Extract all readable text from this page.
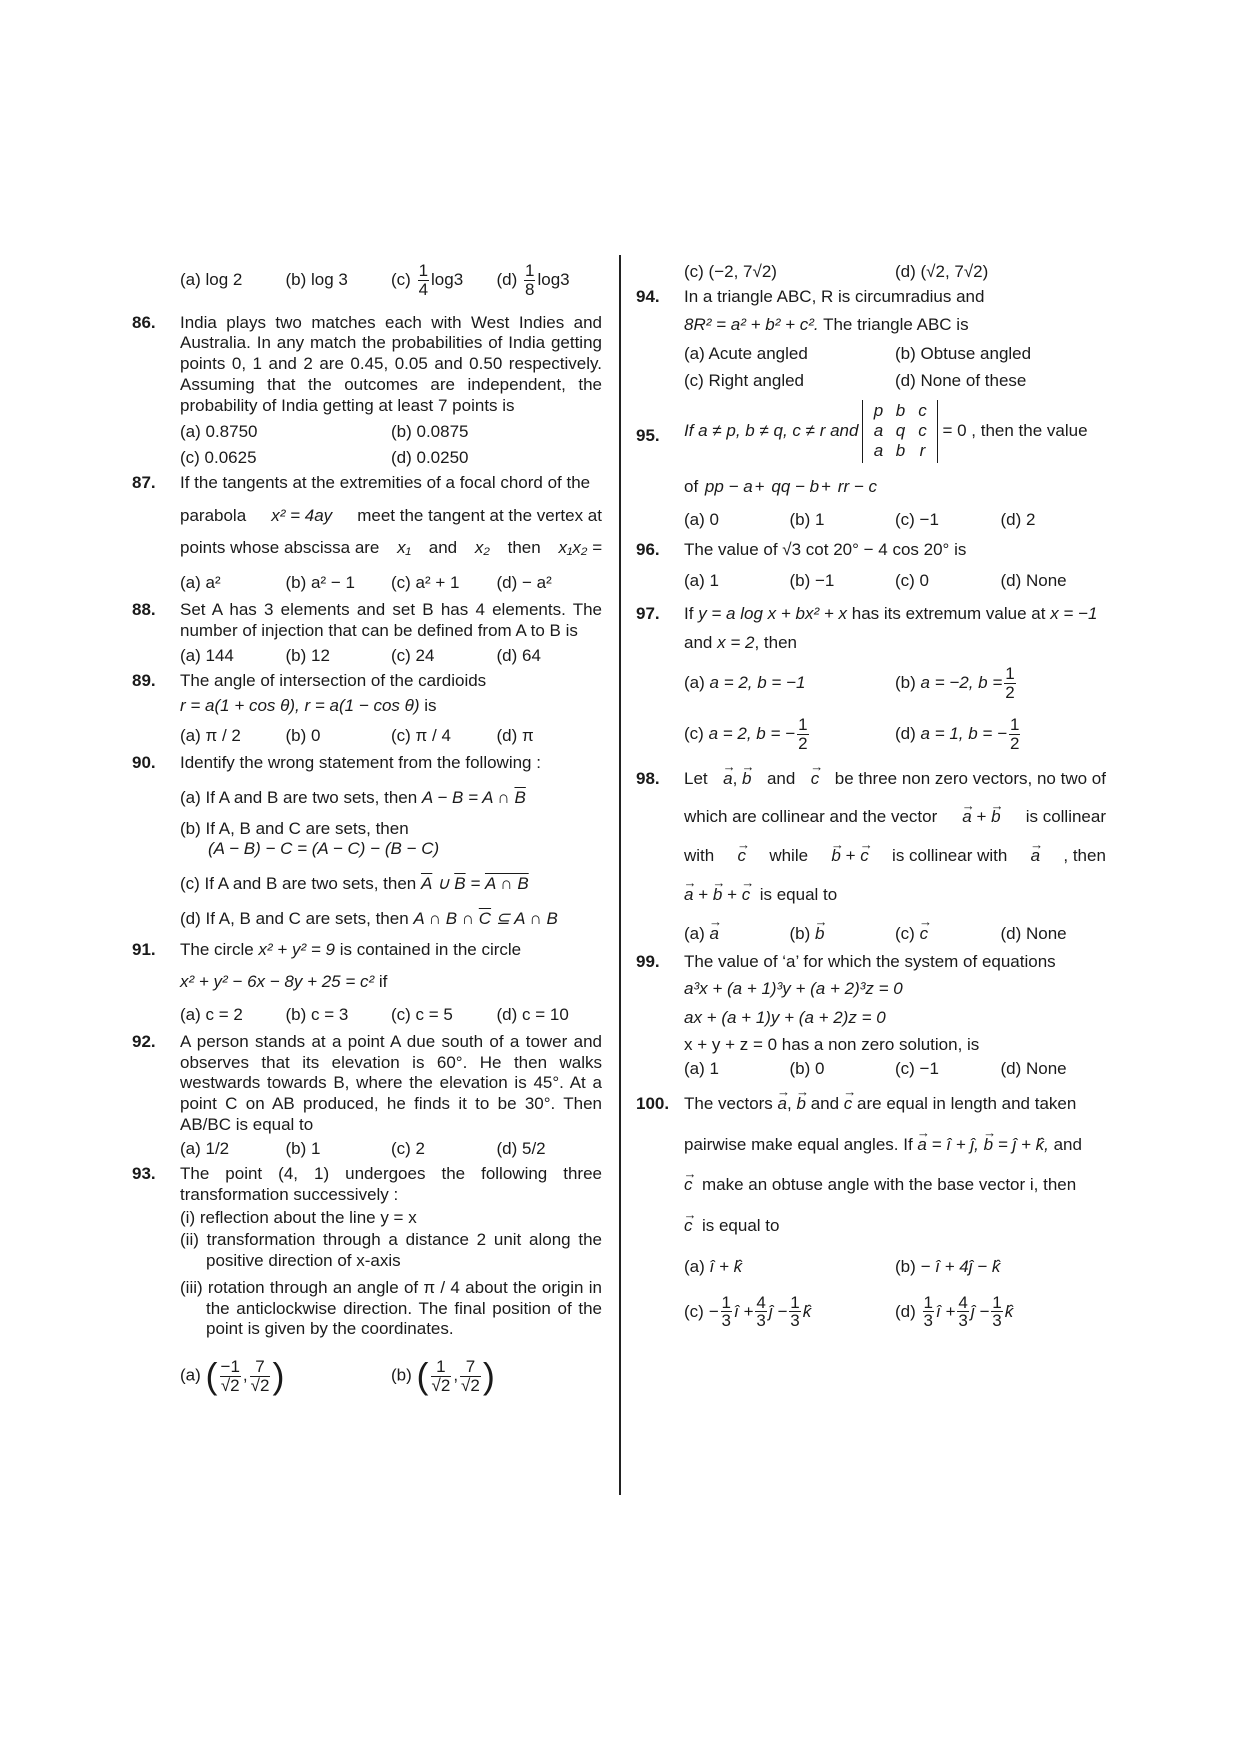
(a) log 2	(b) log 3	$(c) \frac{1}{4} \log 3$	$(d) \frac{1}{8} \log 3$
86. India plays two matches each with West Indies and Australia. In any match the probabilities of India getting points 0, 1 and 2 are 0.45, 0.05 and 0.50 respectively. Assuming that the outcomes are independent, the probability of India getting at least 7 points is
(a) 0.8750	(b) 0.0875
(c) 0.0625	(d) 0.0250
87. If the tangents at the extremities of a focal chord of the
parabola x² = 4ay meet the tangent at the vertex at
points whose abscissa are x₁ and x₂ then x₁x₂ =
(a) a²	(b) a² − 1	(c) a² + 1	(d) − a²
88. Set A has 3 elements and set B has 4 elements. The number of injection that can be defined from A to B is
(a) 144	(b) 12	(c) 24	(d) 64
89. The angle of intersection of the cardioids
r = a(1 + cos θ), r = a(1 − cos θ) is
(a) π / 2	(b) 0	(c) π / 4	(d) π
90. Identify the wrong statement from the following :
(a) If A and B are two sets, then A − B = A ∩ $\overline{B}$
(b) If A, B and C are sets, then
(A − B) − C = (A − C) − (B − C)
(c) If A and B are two sets, then $\overline{A}$ ∪ $\overline{B} = A$ ∩ B
(d) If A, B and C are sets, then A ∩ B ∩ $\overline{C}$ ⊆ A ∩ B
91. The circle x² + y² = 9 is contained in the circle
x² + y² − 6x − 8y + 25 = c² if
(a) c = 2	(b) c = 3	(c) c = 5	(d) c = 10
92. A person stands at a point A due south of a tower and observes that its elevation is 60°. He then walks westwards towards B, where the elevation is 45°. At a point C on AB produced, he finds it to be 30°. Then AB/BC is equal to
(a) 1/2	(b) 1	(c) 2	(d) 5/2
93. The point (4, 1) undergoes the following three transformation successively :
(i) reflection about the line y = x
(ii) transformation through a distance 2 unit along the positive direction of x-axis
(iii) rotation through an angle of π / 4 about the origin in the anticlockwise direction. The final position of the point is given by the coordinates.
(a) ( $\frac{-1}{√2}$ , $\frac{7}{√2}$ )	(b) ( $\frac{1}{√2}$ , $\frac{7}{√2}$ )
(c) (−2, 7√2)	(d) (√2, 7√2)
94. In a triangle ABC, R is circumradius and
8R² = a² + b² + c². The triangle ABC is
(a) Acute angled	(b) Obtuse angled
(c) Right angled	(d) None of these
95. If a ≠ p, b ≠ q, c ≠ r and
p b c
a q c
a b r
= 0 , then the value
of pp − a + qq − b + rr − c
(a) 0	(b) 1	(c) −1	(d) 2
96. The value of √3 cot 20° − 4 cos 20° is
(a) 1	(b) −1	(c) 0	(d) None
97. If y = a log x + bx² + x has its extremum value at x = −1
and x = 2, then
(a) a = 2, b = −1	(b) a = −2, $b = \frac{1}{2}$
(c) a = 2, b = − $\frac{1}{2}$	(d) a = 1, b = − $\frac{1}{2}$
98. Let → a, → b and → c be three non zero vectors, no two of
which are collinear and the vector → a + → b is collinear
with → c while → b + → c is collinear with → a , then
→ a + → b + → c is equal to
(a) → a	(b) → b	(c) → c	(d) None
99. The value of ‘a’ for which the system of equations
a³x + (a + 1)³y + (a + 2)³z = 0
ax + (a + 1)y + (a + 2)z = 0
x + y + z = 0 has a non zero solution, is
(a) 1	(b) 0	(c) −1	(d) None
100. The vectors → a, → b and → c are equal in length and taken
pairwise make equal angles. If → a = î + ĵ, → b = ĵ + k̂, and
→ c make an obtuse angle with the base vector i, then
→ c is equal to
(a) î + k̂	(b) − î + 4ĵ − k̂
$(c) - \frac{1}{3}$ î + $\frac{4}{3}$ ĵ − $\frac{1}{3}$ k̂	$(d) \frac{1}{3}$ î + $\frac{4}{3}$ ĵ − $\frac{1}{3}$ k̂
